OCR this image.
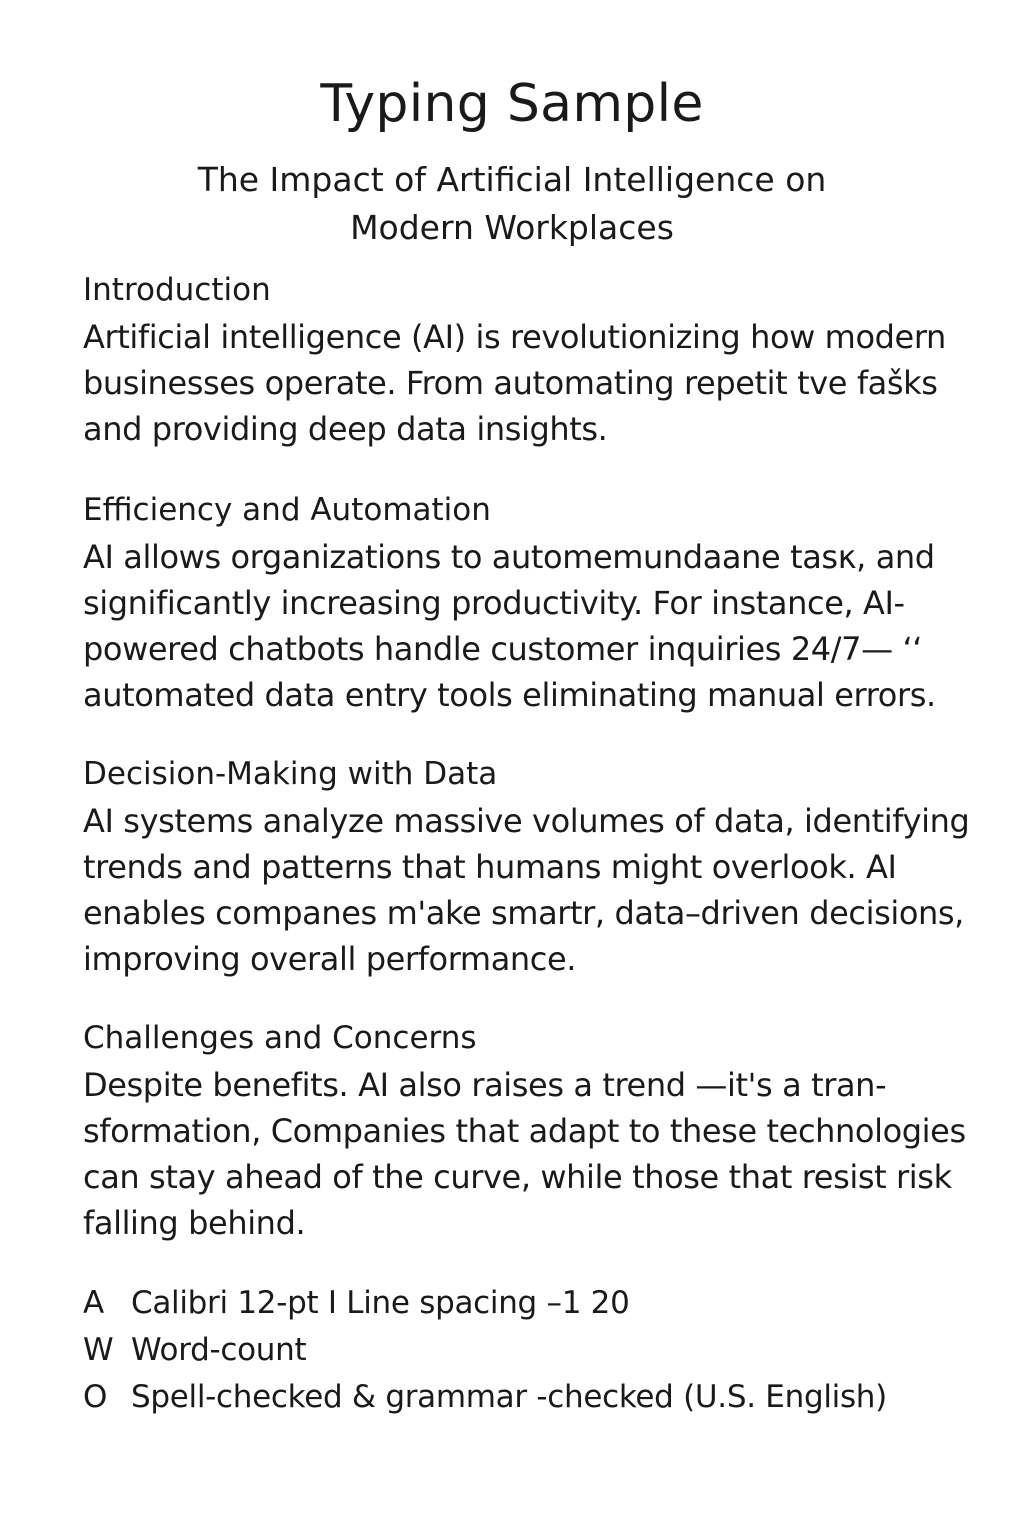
Typing Sample
The Impact of Artificial Intelligence on Modern Workplaces
Introduction

Artificial intelligence (AI) is revolutionizing how modern businesses operate. From automating repetit tve faškѕ and providing deep data insights.

Efficiency and Automation

AI allows organizations to automemundaane tasκ, and significantly increasing productivity. For instance, AI-powered chatbots handle customer inquiries 24/7— ‘‘ automated data entry tools eliminating manual errors.

Decision-Making with Data

AI systems analyze massive volumes of data, identifying trends and patterns that humans might overlook. AI enables companes m'ake smartr, data–driven decisions, improving overall performance.

Challenges and Concerns

Despite benefits. AI also raises a trend —it's a tran-sformation, Companies that adapt to these technologies can stay ahead of the curve, while those that resist risk falling behind.

A Calibri 12-pt I Line spacing –1 20
W Word-count
O Spell-checked & grammar -checked (U.S. English)
